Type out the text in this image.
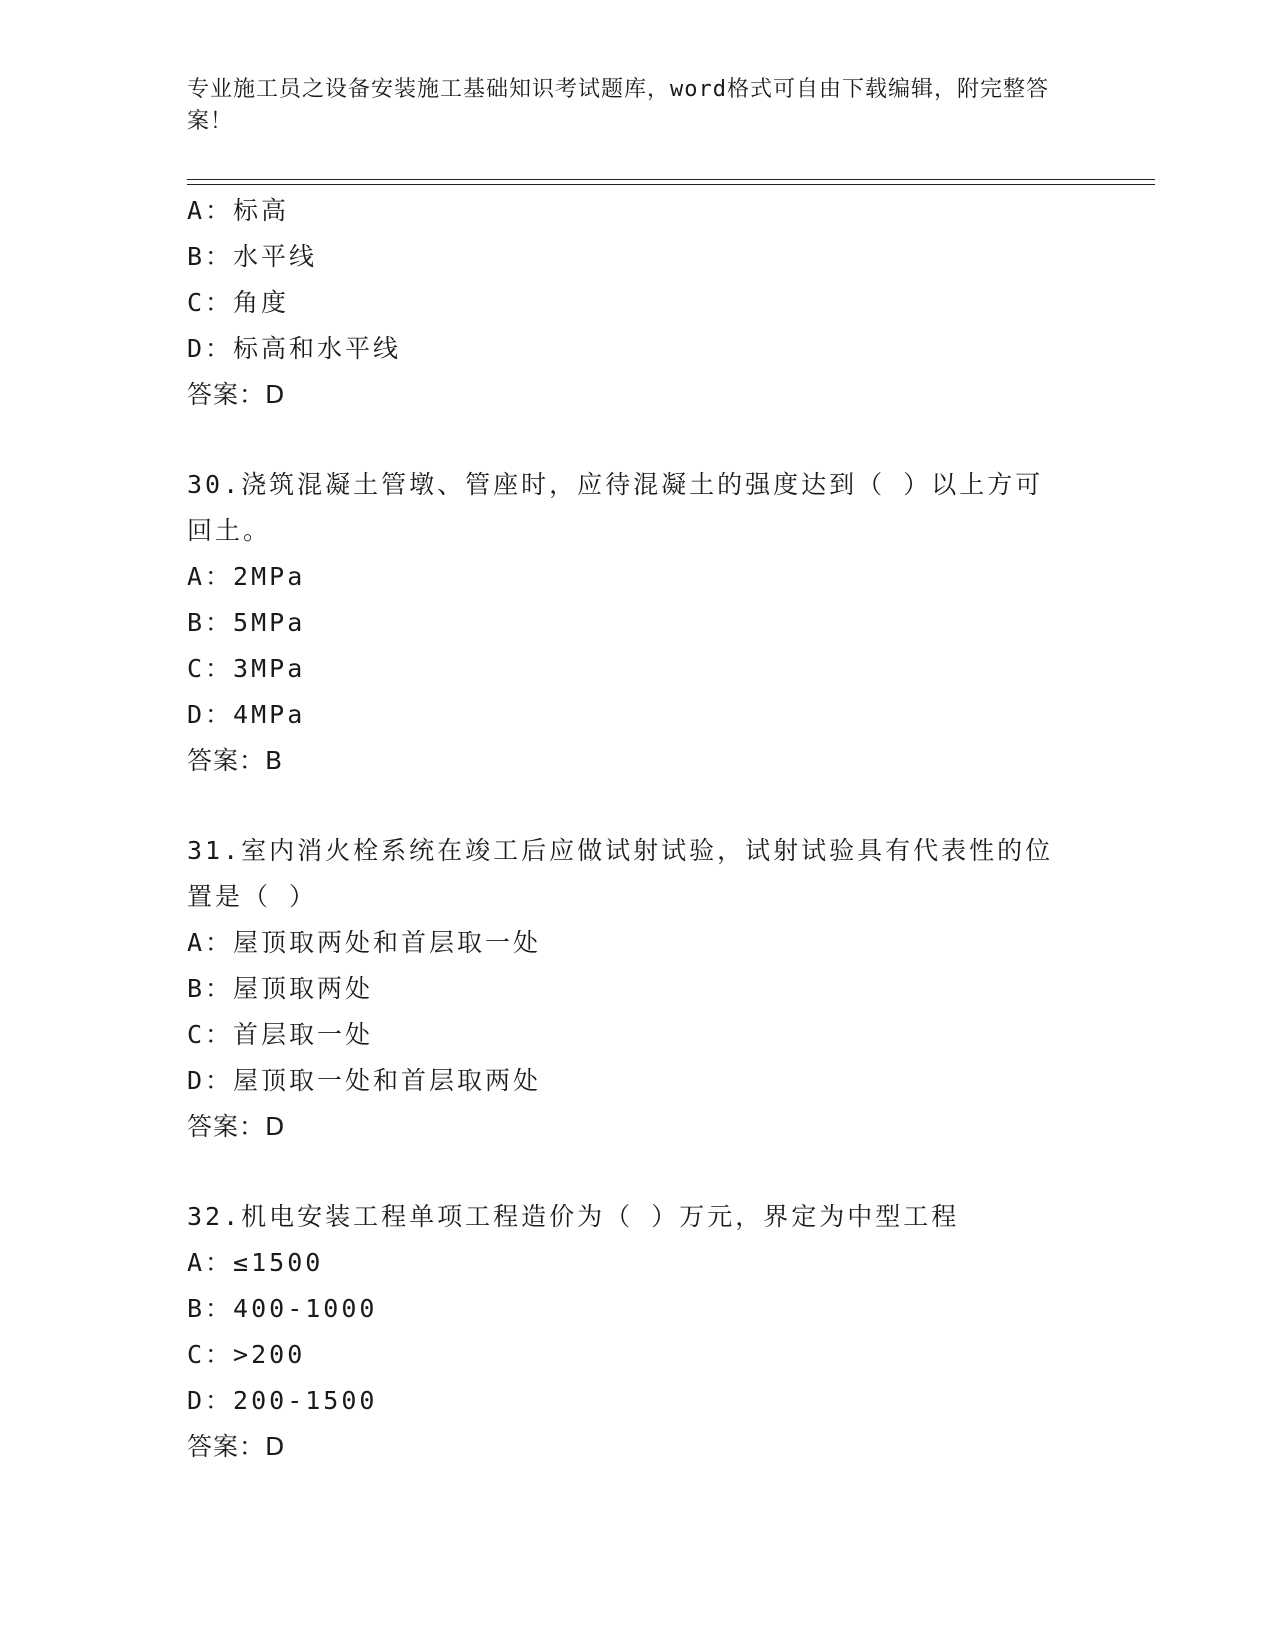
专业施工员之设备安装施工基础知识考试题库，word格式可自由下载编辑，附完整答案！
A：标高
B：水平线
C：角度
D：标高和水平线
答案：D
30.浇筑混凝土管墩、管座时，应待混凝土的强度达到（ ）以上方可回土。
A：2MPa
B：5MPa
C：3MPa
D：4MPa
答案：B
31.室内消火栓系统在竣工后应做试射试验，试射试验具有代表性的位置是（ ）
A：屋顶取两处和首层取一处
B：屋顶取两处
C：首层取一处
D：屋顶取一处和首层取两处
答案：D
32.机电安装工程单项工程造价为（ ）万元，界定为中型工程
A：≤1500
B：400-1000
C：>200
D：200-1500
答案：D
